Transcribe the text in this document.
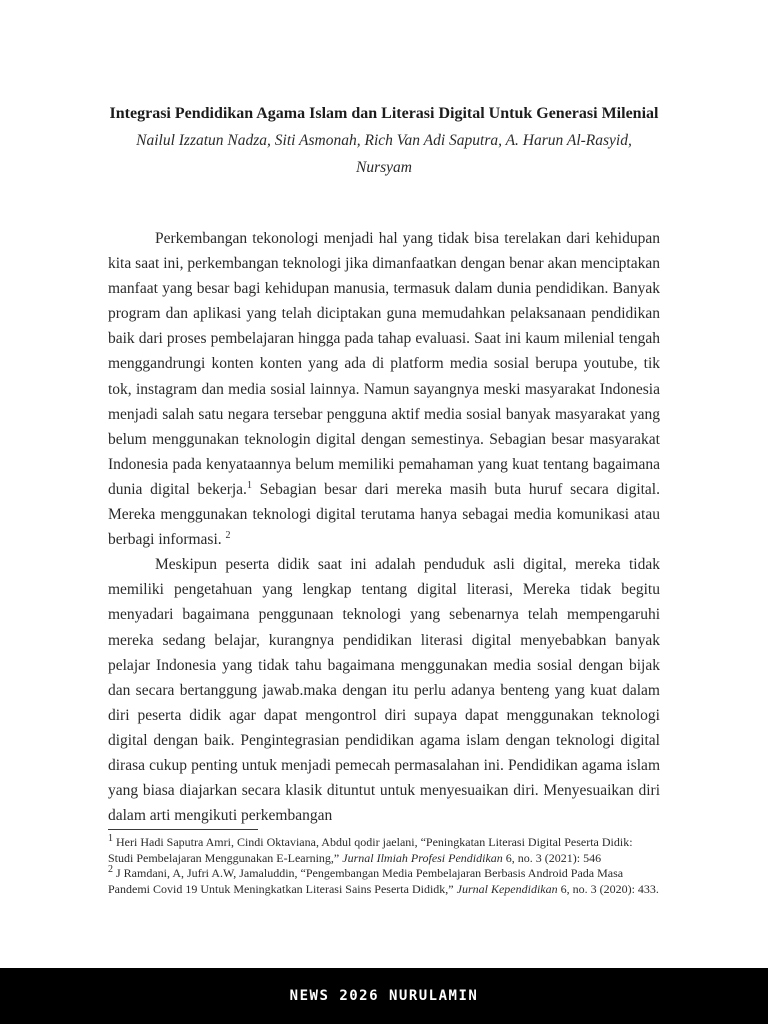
Integrasi Pendidikan Agama Islam dan Literasi Digital Untuk Generasi Milenial
Nailul Izzatun Nadza, Siti Asmonah, Rich Van Adi Saputra, A. Harun Al-Rasyid,
Nursyam

Perkembangan tekonologi menjadi hal yang tidak bisa terelakan dari kehidupan kita saat ini, perkembangan teknologi jika dimanfaatkan dengan benar akan menciptakan manfaat yang besar bagi kehidupan manusia, termasuk dalam dunia pendidikan. Banyak program dan aplikasi yang telah diciptakan guna memudahkan pelaksanaan pendidikan baik dari proses pembelajaran hingga pada tahap evaluasi. Saat ini kaum milenial tengah menggandrungi konten konten yang ada di platform media sosial berupa youtube, tik tok, instagram dan media sosial lainnya. Namun sayangnya meski masyarakat Indonesia menjadi salah satu negara tersebar pengguna aktif media sosial banyak masyarakat yang belum menggunakan teknologin digital dengan semestinya. Sebagian besar masyarakat Indonesia pada kenyataannya belum memiliki pemahaman yang kuat tentang bagaimana dunia digital bekerja.$^1$ Sebagian besar dari mereka masih buta huruf secara digital. Mereka menggunakan teknologi digital terutama hanya sebagai media komunikasi atau berbagi informasi. $^2$

Meskipun peserta didik saat ini adalah penduduk asli digital, mereka tidak memiliki pengetahuan yang lengkap tentang digital literasi, Mereka tidak begitu menyadari bagaimana penggunaan teknologi yang sebenarnya telah mempengaruhi mereka sedang belajar, kurangnya pendidikan literasi digital menyebabkan banyak pelajar Indonesia yang tidak tahu bagaimana menggunakan media sosial dengan bijak dan secara bertanggung jawab.maka dengan itu perlu adanya benteng yang kuat dalam diri peserta didik agar dapat mengontrol diri supaya dapat menggunakan teknologi digital dengan baik. Pengintegrasian pendidikan agama islam dengan teknologi digital dirasa cukup penting untuk menjadi pemecah permasalahan ini. Pendidikan agama islam yang biasa diajarkan secara klasik dituntut untuk menyesuaikan diri. Menyesuaikan diri dalam arti mengikuti perkembangan

$^1$ Heri Hadi Saputra Amri, Cindi Oktaviana, Abdul qodir jaelani, “Peningkatan Literasi Digital Peserta Didik: Studi Pembelajaran Menggunakan E-Learning,” Jurnal Ilmiah Profesi Pendidikan 6, no. 3 (2021): 546
$^2$ J Ramdani, A, Jufri A.W, Jamaluddin, “Pengembangan Media Pembelajaran Berbasis Android Pada Masa Pandemi Covid 19 Untuk Meningkatkan Literasi Sains Peserta Dididk,” Jurnal Kependidikan 6, no. 3 (2020): 433.
NEWS 2026 NURULAMIN
